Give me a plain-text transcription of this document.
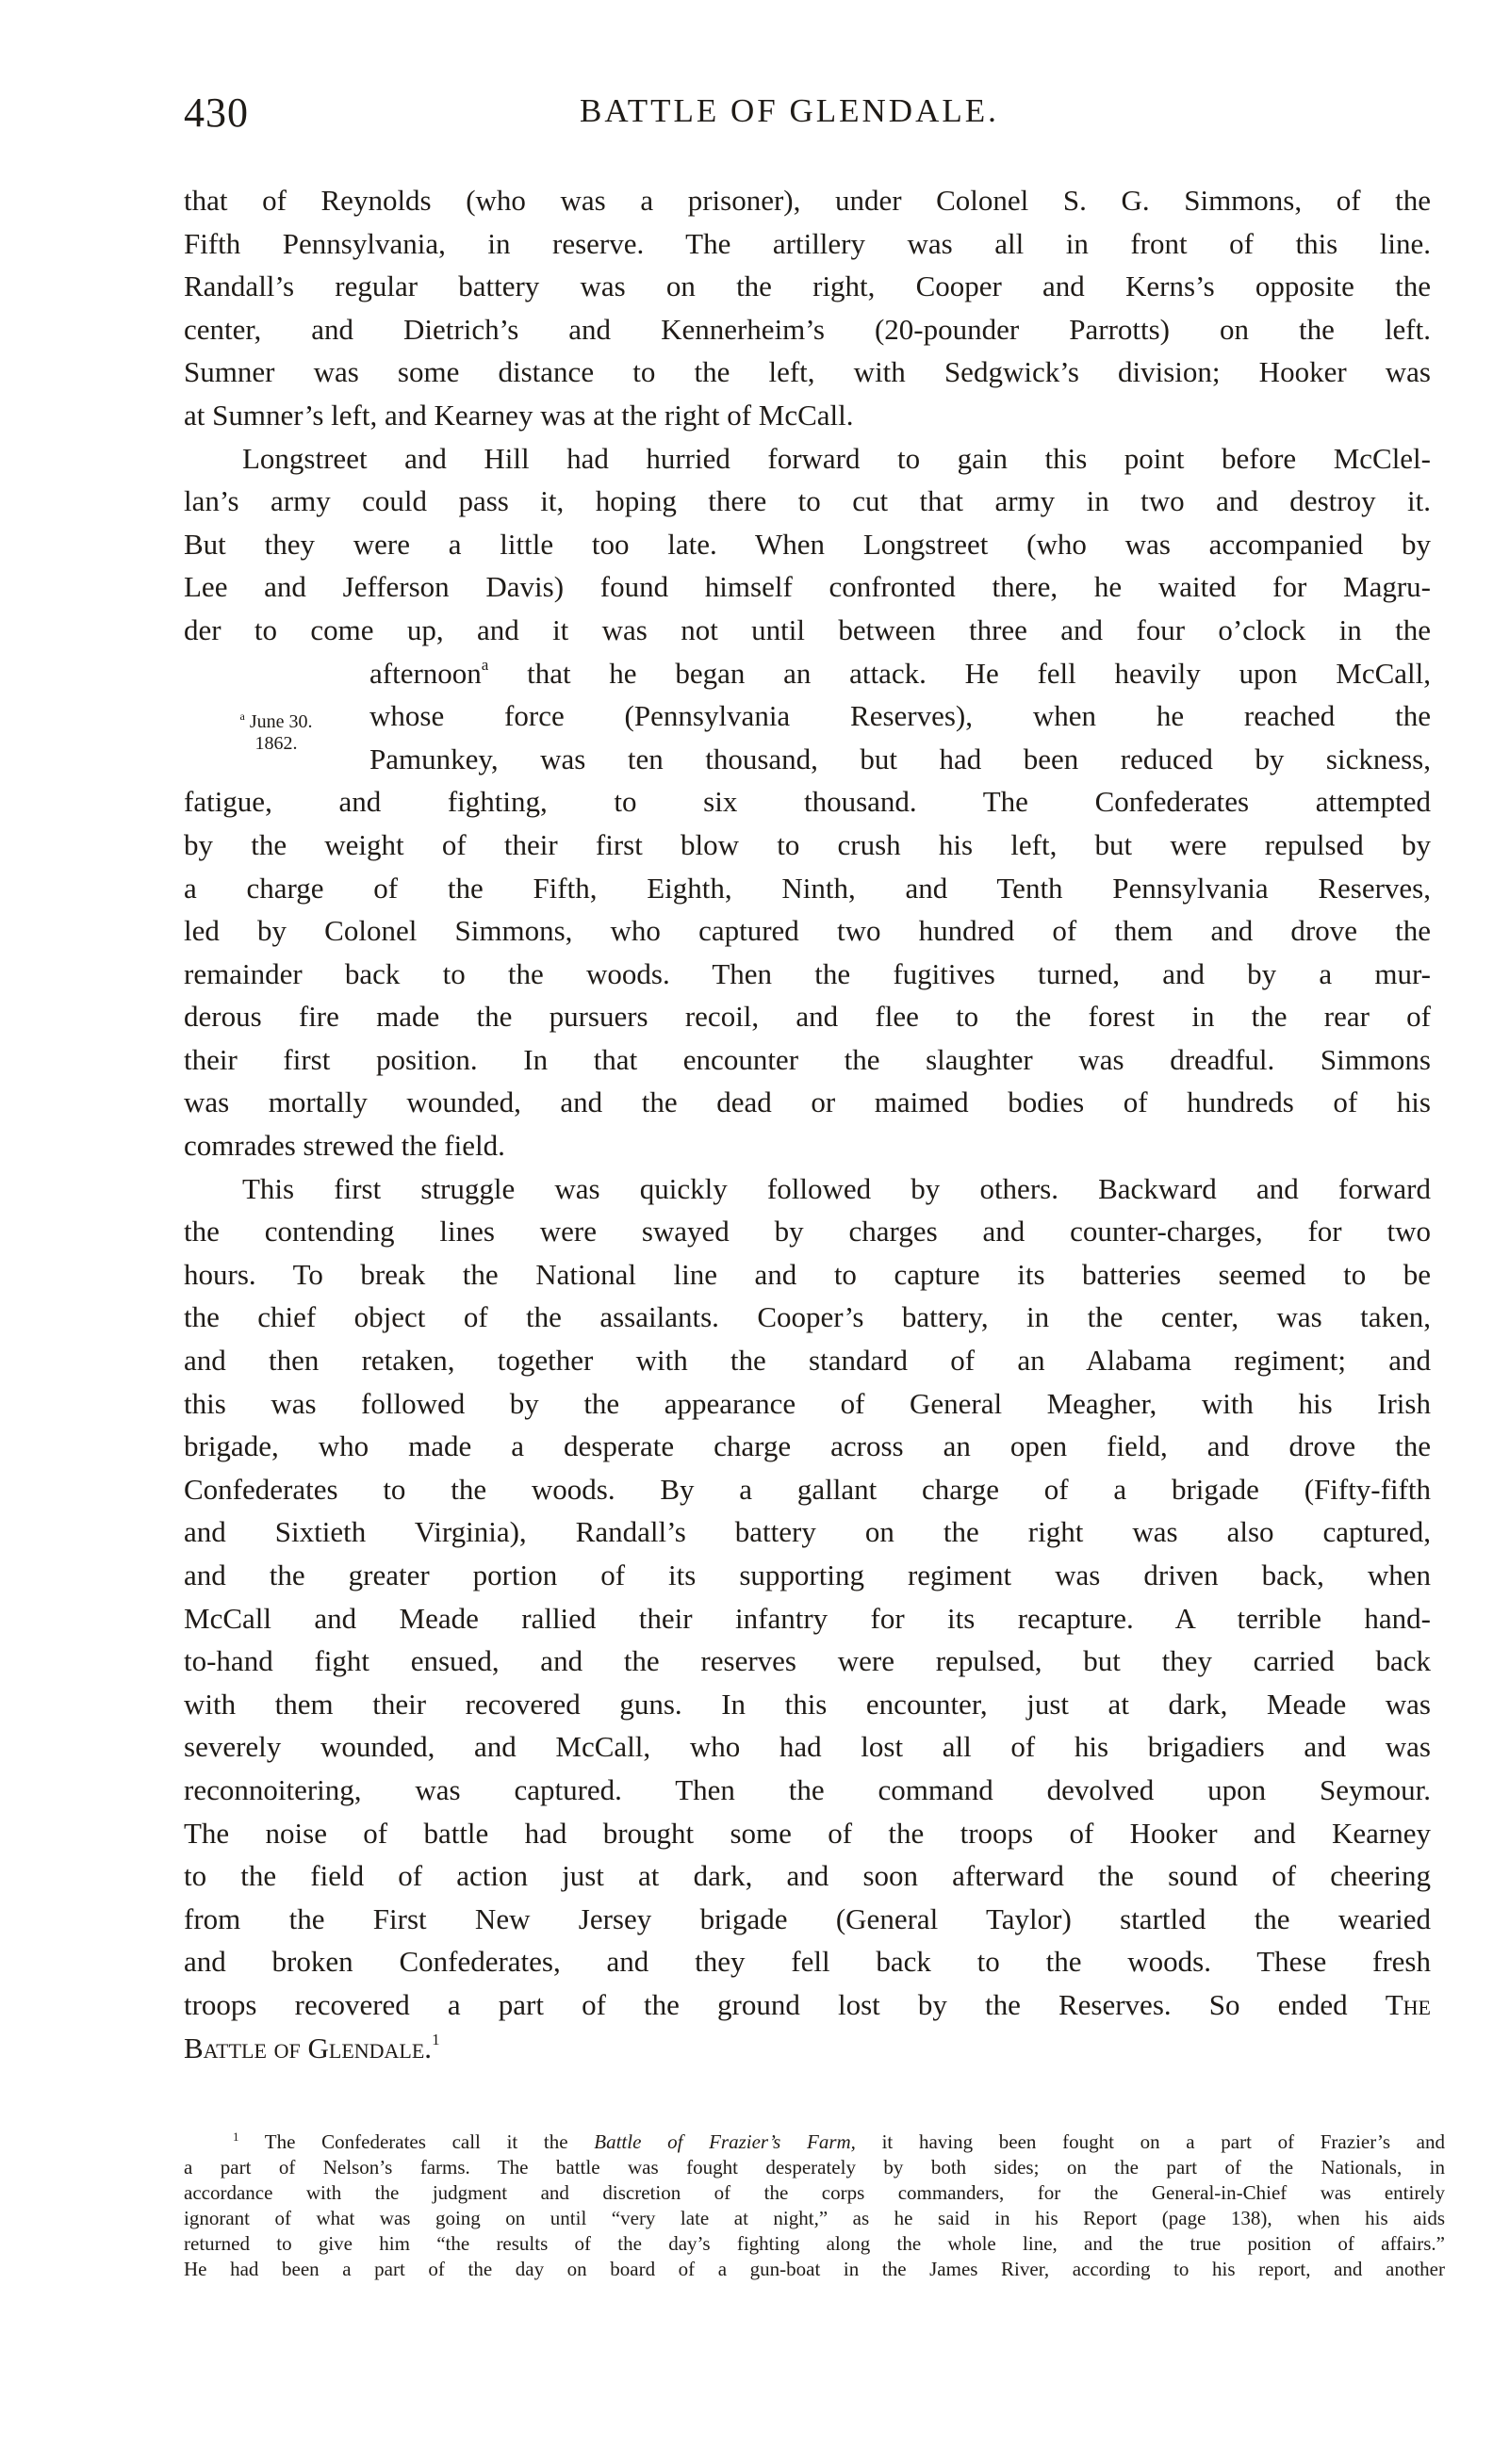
430	BATTLE OF GLENDALE.
$^a$ June 30.
1862.
that of Reynolds (who was a prisoner), under Colonel S. G. Simmons, of the
Fifth Pennsylvania, in reserve. The artillery was all in front of this line.
Randall’s regular battery was on the right, Cooper and Kerns’s opposite the
center, and Dietrich’s and Kennerheim’s (20-pounder Parrotts) on the left.
Sumner was some distance to the left, with Sedgwick’s division; Hooker was
at Sumner’s left, and Kearney was at the right of McCall.
Longstreet and Hill had hurried forward to gain this point before McClel-
lan’s army could pass it, hoping there to cut that army in two and destroy it.
But they were a little too late. When Longstreet (who was accompanied by
Lee and Jefferson Davis) found himself confronted there, he waited for Magru-
der to come up, and it was not until between three and four o’clock in the
afternoon$^a$ that he began an attack. He fell heavily upon McCall,
whose force (Pennsylvania Reserves), when he reached the
Pamunkey, was ten thousand, but had been reduced by sickness,
fatigue, and fighting, to six thousand. The Confederates attempted
by the weight of their first blow to crush his left, but were repulsed by
a charge of the Fifth, Eighth, Ninth, and Tenth Pennsylvania Reserves,
led by Colonel Simmons, who captured two hundred of them and drove the
remainder back to the woods. Then the fugitives turned, and by a mur-
derous fire made the pursuers recoil, and flee to the forest in the rear of
their first position. In that encounter the slaughter was dreadful. Simmons
was mortally wounded, and the dead or maimed bodies of hundreds of his
comrades strewed the field.
This first struggle was quickly followed by others. Backward and forward
the contending lines were swayed by charges and counter-charges, for two
hours. To break the National line and to capture its batteries seemed to be
the chief object of the assailants. Cooper’s battery, in the center, was taken,
and then retaken, together with the standard of an Alabama regiment; and
this was followed by the appearance of General Meagher, with his Irish
brigade, who made a desperate charge across an open field, and drove the
Confederates to the woods. By a gallant charge of a brigade (Fifty-fifth
and Sixtieth Virginia), Randall’s battery on the right was also captured,
and the greater portion of its supporting regiment was driven back, when
McCall and Meade rallied their infantry for its recapture. A terrible hand-
to-hand fight ensued, and the reserves were repulsed, but they carried back
with them their recovered guns. In this encounter, just at dark, Meade was
severely wounded, and McCall, who had lost all of his brigadiers and was
reconnoitering, was captured. Then the command devolved upon Seymour.
The noise of battle had brought some of the troops of Hooker and Kearney
to the field of action just at dark, and soon afterward the sound of cheering
from the First New Jersey brigade (General Taylor) startled the wearied
and broken Confederates, and they fell back to the woods. These fresh
troops recovered a part of the ground lost by the Reserves. So ended The
Battle of Glendale.$^1$
$^1$ The Confederates call it the Battle of Frazier’s Farm, it having been fought on a part of Frazier’s and
a part of Nelson’s farms. The battle was fought desperately by both sides; on the part of the Nationals, in
accordance with the judgment and discretion of the corps commanders, for the General-in-Chief was entirely
ignorant of what was going on until “very late at night,” as he said in his Report (page 138), when his aids
returned to give him “the results of the day’s fighting along the whole line, and the true position of affairs.”
He had been a part of the day on board of a gun-boat in the James River, according to his report, and another
